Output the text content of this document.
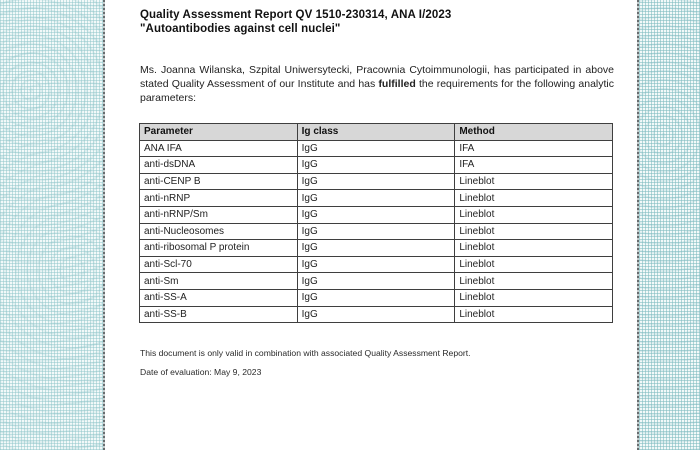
Quality Assessment Report QV 1510-230314, ANA I/2023
"Autoantibodies against cell nuclei"
Ms. Joanna Wilanska, Szpital Uniwersytecki, Pracownia Cytoimmunologii, has participated in above stated Quality Assessment of our Institute and has fulfilled the requirements for the following analytic parameters:
Parameter	Ig class	Method
ANA IFA	IgG	IFA
anti-dsDNA	IgG	IFA
anti-CENP B	IgG	Lineblot
anti-nRNP	IgG	Lineblot
anti-nRNP/Sm	IgG	Lineblot
anti-Nucleosomes	IgG	Lineblot
anti-ribosomal P protein	IgG	Lineblot
anti-Scl-70	IgG	Lineblot
anti-Sm	IgG	Lineblot
anti-SS-A	IgG	Lineblot
anti-SS-B	IgG	Lineblot
This document is only valid in combination with associated Quality Assessment Report.
Date of evaluation: May 9, 2023
